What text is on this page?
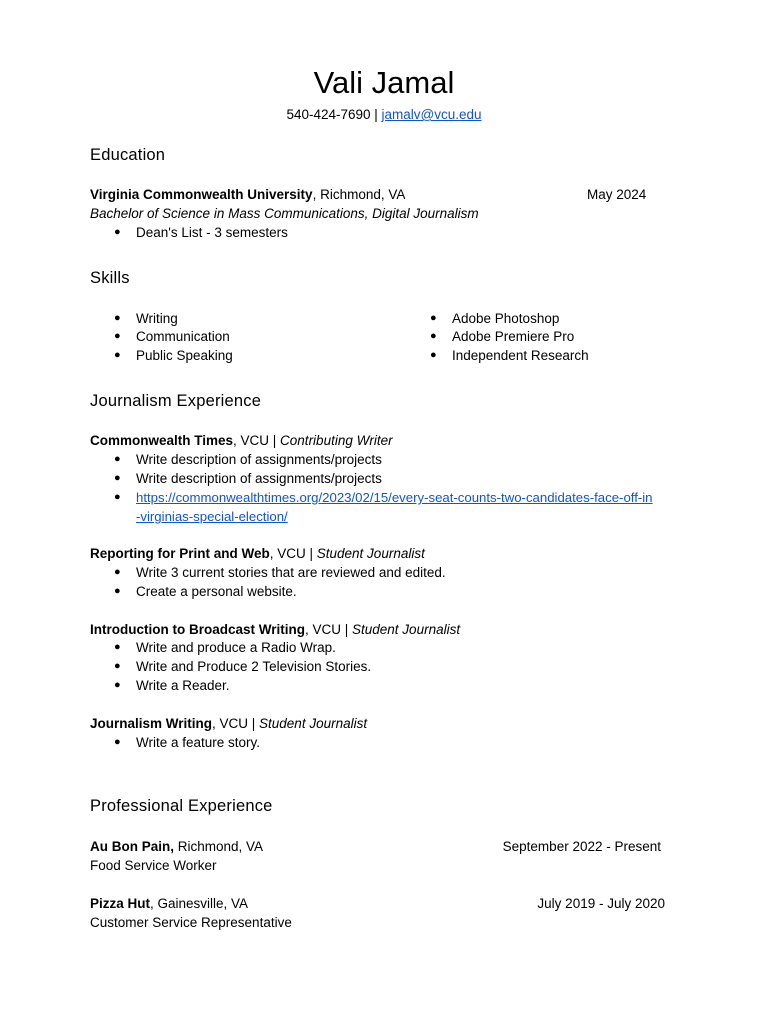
Vali Jamal
540-424-7690 | jamalv@vcu.edu
Education
Virginia Commonwealth University, Richmond, VA	May 2024
Bachelor of Science in Mass Communications, Digital Journalism
● Dean's List - 3 semesters
Skills
● Writing
● Communication
● Public Speaking
● Adobe Photoshop
● Adobe Premiere Pro
● Independent Research
Journalism Experience
Commonwealth Times, VCU | Contributing Writer
● Write description of assignments/projects
● Write description of assignments/projects
● https://commonwealthtimes.org/2023/02/15/every-seat-counts-two-candidates-face-off-in
-virginias-special-election/
Reporting for Print and Web, VCU | Student Journalist
● Write 3 current stories that are reviewed and edited.
● Create a personal website.
Introduction to Broadcast Writing, VCU | Student Journalist
● Write and produce a Radio Wrap.
● Write and Produce 2 Television Stories.
● Write a Reader.
Journalism Writing, VCU | Student Journalist
● Write a feature story.
Professional Experience
Au Bon Pain, Richmond, VA	September 2022 - Present
Food Service Worker
Pizza Hut, Gainesville, VA	July 2019 - July 2020
Customer Service Representative
